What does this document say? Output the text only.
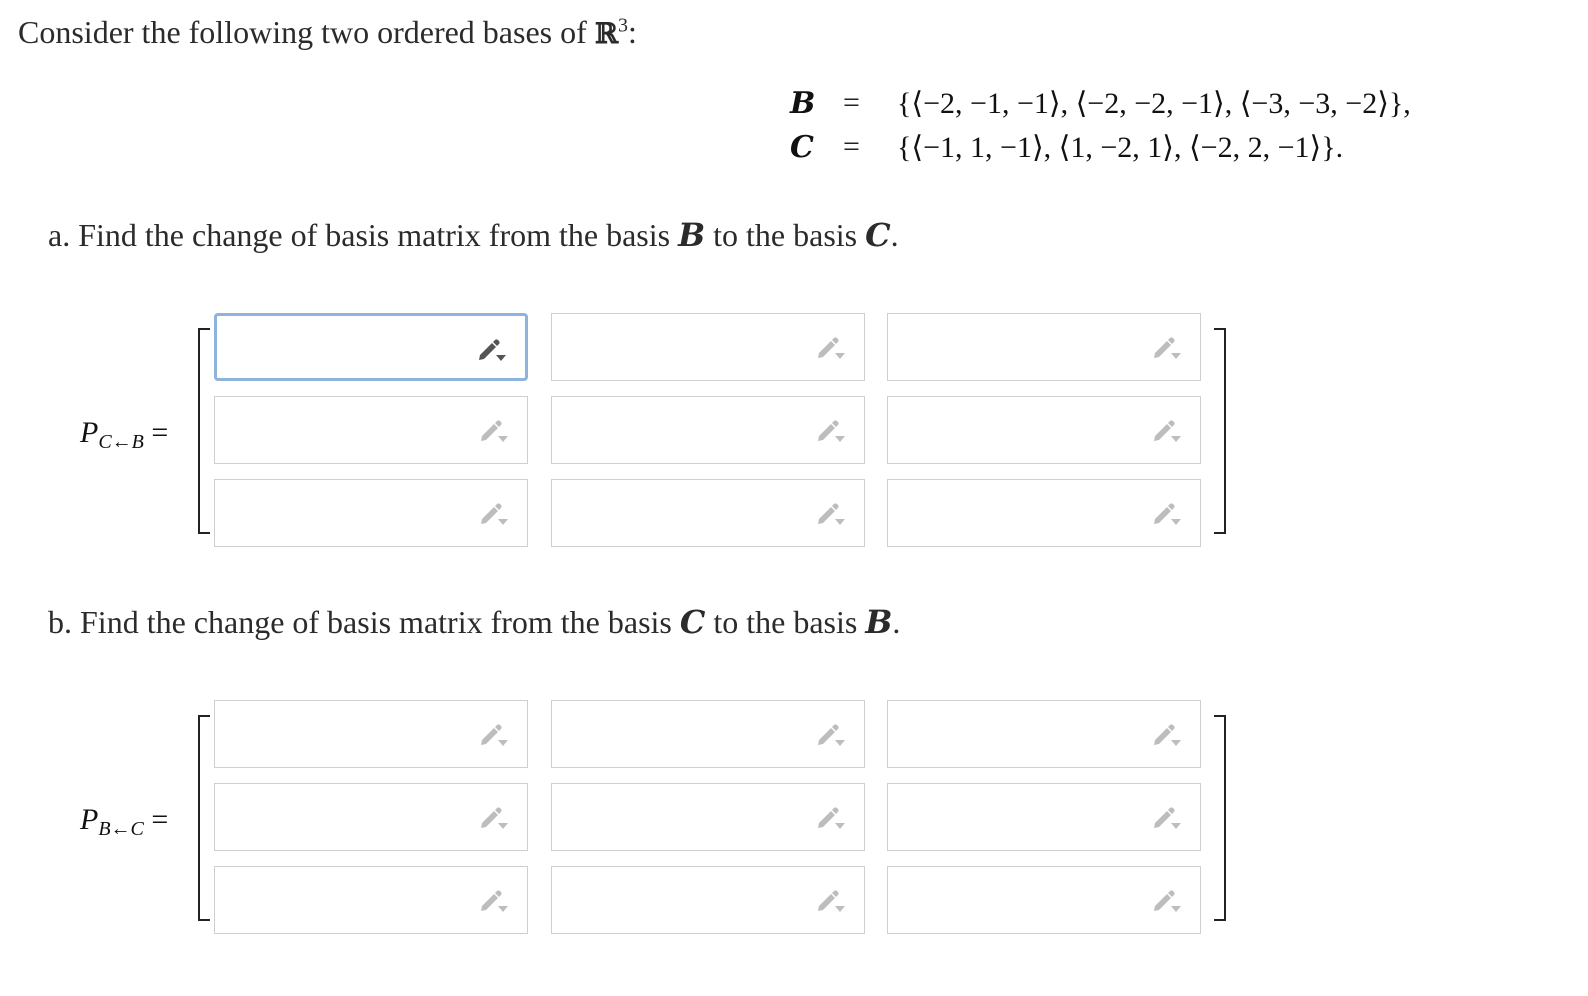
Consider the following two ordered bases of ℝ$^3$:
B = {⟨−2, −1, −1⟩, ⟨−2, −2, −1⟩, ⟨−3, −3, −2⟩},
C = {⟨−1, 1, −1⟩, ⟨1, −2, 1⟩, ⟨−2, 2, −1⟩}.
a. Find the change of basis matrix from the basis B to the basis C.
$P_{C\leftarrow B}$ =
b. Find the change of basis matrix from the basis C to the basis B.
$P_{B\leftarrow C}$ =
